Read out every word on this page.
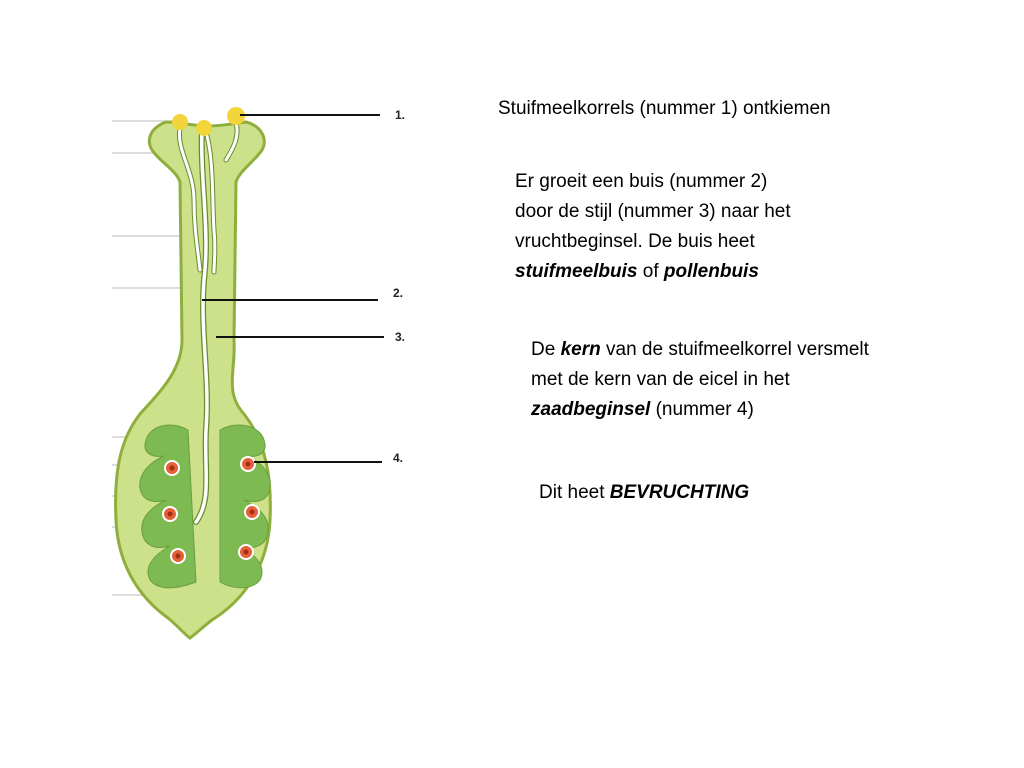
1.
2.
3.
4.

Stuifmeelkorrels (nummer 1) ontkiemen

Er groeit een buis (nummer 2)

door de stijl (nummer 3) naar het

vruchtbeginsel. De buis heet

stuifmeelbuis of pollenbuis

De kern van de stuifmeelkorrel versmelt

met de kern van de eicel in het

zaadbeginsel (nummer 4)

Dit heet BEVRUCHTING
